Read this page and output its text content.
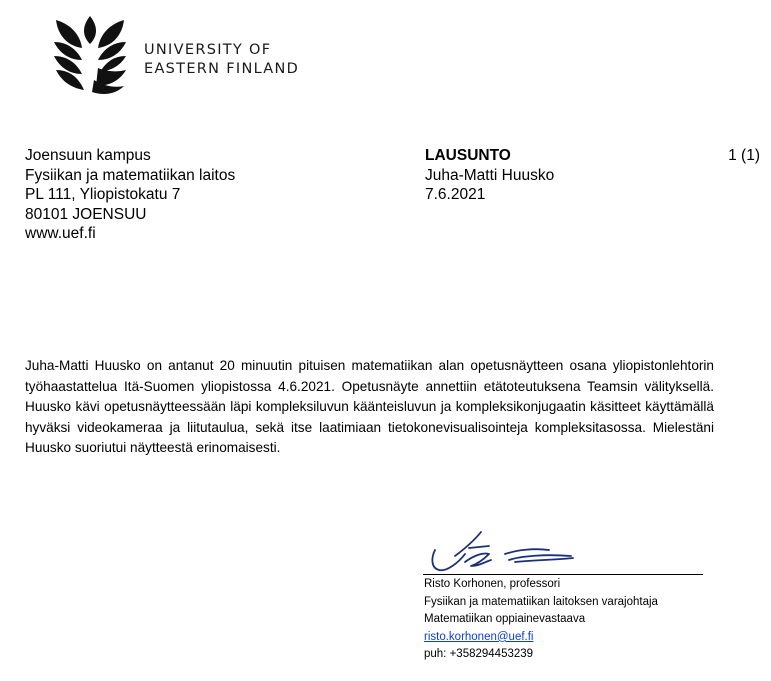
UNIVERSITY OF
EASTERN FINLAND
Joensuun kampus
Fysiikan ja matematiikan laitos
PL 111, Yliopistokatu 7
80101 JOENSUU
www.uef.fi
LAUSUNTO
Juha-Matti Huusko
7.6.2021
1 (1)
Juha-Matti Huusko on antanut 20 minuutin pituisen matematiikan alan opetusnäytteen osana yliopistonlehtorin työhaastattelua Itä-Suomen yliopistossa 4.6.2021. Opetusnäyte annettiin etätoteutuksena Teamsin välityksellä. Huusko kävi opetusnäytteessään läpi kompleksiluvun käänteisluvun ja kompleksikonjugaatin käsitteet käyttämällä hyväksi videokameraa ja liitutaulua, sekä itse laatimiaan tietokonevisualisointeja kompleksitasossa. Mielestäni Huusko suoriutui näytteestä erinomaisesti.
Risto Korhonen, professori
Fysiikan ja matematiikan laitoksen varajohtaja
Matematiikan oppiainevastaava
risto.korhonen@uef.fi
puh: +358294453239
